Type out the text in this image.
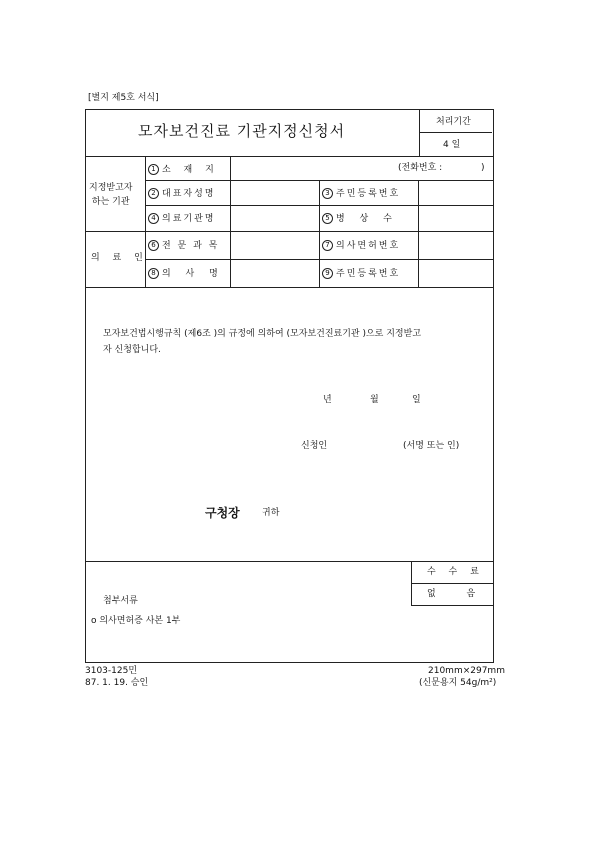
[별지 제5호 서식]
모자보건진료 기관지정신청서	처리기간
4 일
지정받고자
하는 기관
의 료 인
1 소 재 지	(전화번호 :	)
2 대표자성명	3 주민등록번호
4 의료기관명	5 병 상 수
6 전 문 과 목	7 의사면허번호
8 의 사 명	9 주민등록번호
모자보건법시행규칙 (제6조 )의 규정에 의하여 (모자보건진료기관 )으로 지정받고
자 신청합니다.
년	월	일
신청인	(서명 또는 인)
구청장 귀하
수 수 료
없 음
첨부서류
o 의사면허증 사본 1부
3103-125민
87. 1. 19. 승인
210mm×297mm
(신문용지 54g/m²)
